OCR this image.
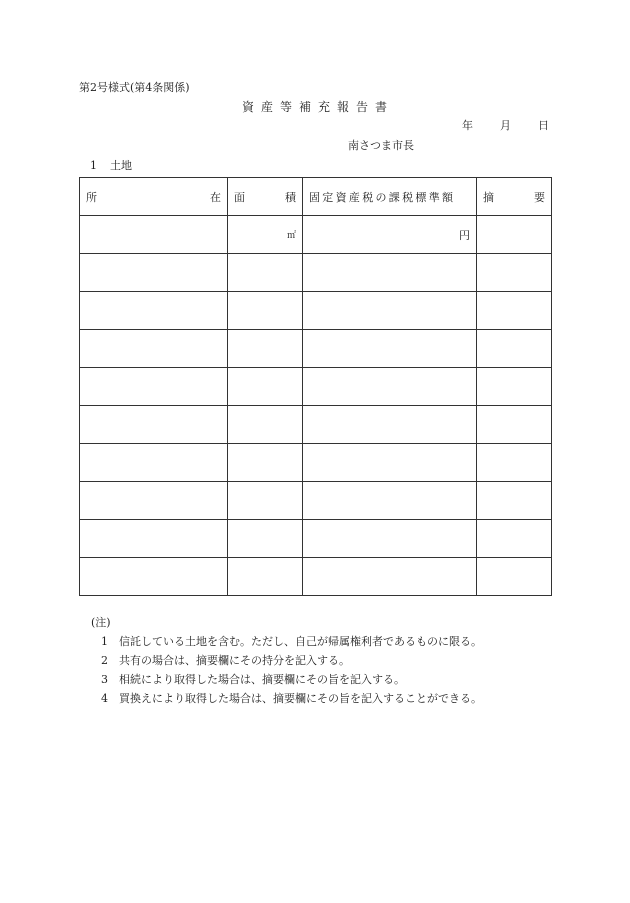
第2号様式(第4条関係)
資産等補充報告書
年 月 日
南さつま市長
1 土地
所 在	面 積	固定資産税の課税標準額	摘 要

	㎡	円	

(注)
1 信託している土地を含む。ただし、自己が帰属権利者であるものに限る。
2 共有の場合は、摘要欄にその持分を記入する。
3 相続により取得した場合は、摘要欄にその旨を記入する。
4 買換えにより取得した場合は、摘要欄にその旨を記入することができる。
